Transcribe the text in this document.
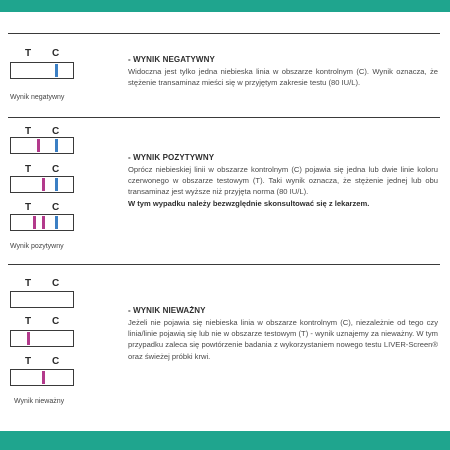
T C
Wynik negatywny
- WYNIK NEGATYWNY

Widoczna jest tylko jedna niebieska linia w obszarze kontrolnym (C). Wynik oznacza, że stężenie transaminaz mieści się w przyjętym zakresie testu (80 IU/L).

T C
T C
T C
Wynik pozytywny
- WYNIK POZYTYWNY

Oprócz niebieskiej linii w obszarze kontrolnym (C) pojawia się jedna lub dwie linie koloru czerwonego w obszarze testowym (T). Taki wynik oznacza, że stężenie jednej lub obu transaminaz jest wyższe niż przyjęta norma (80 IU/L).

W tym wypadku należy bezwzględnie skonsultować się z lekarzem.

T C
T C
T C
Wynik nieważny
- WYNIK NIEWAŻNY

Jeżeli nie pojawia się niebieska linia w obszarze kontrolnym (C), niezależnie od tego czy linia/linie pojawią się lub nie w obszarze testowym (T) - wynik uznajemy za nieważny. W tym przypadku zaleca się powtórzenie badania z wykorzystaniem nowego testu LIVER-Screen® oraz świeżej próbki krwi.
